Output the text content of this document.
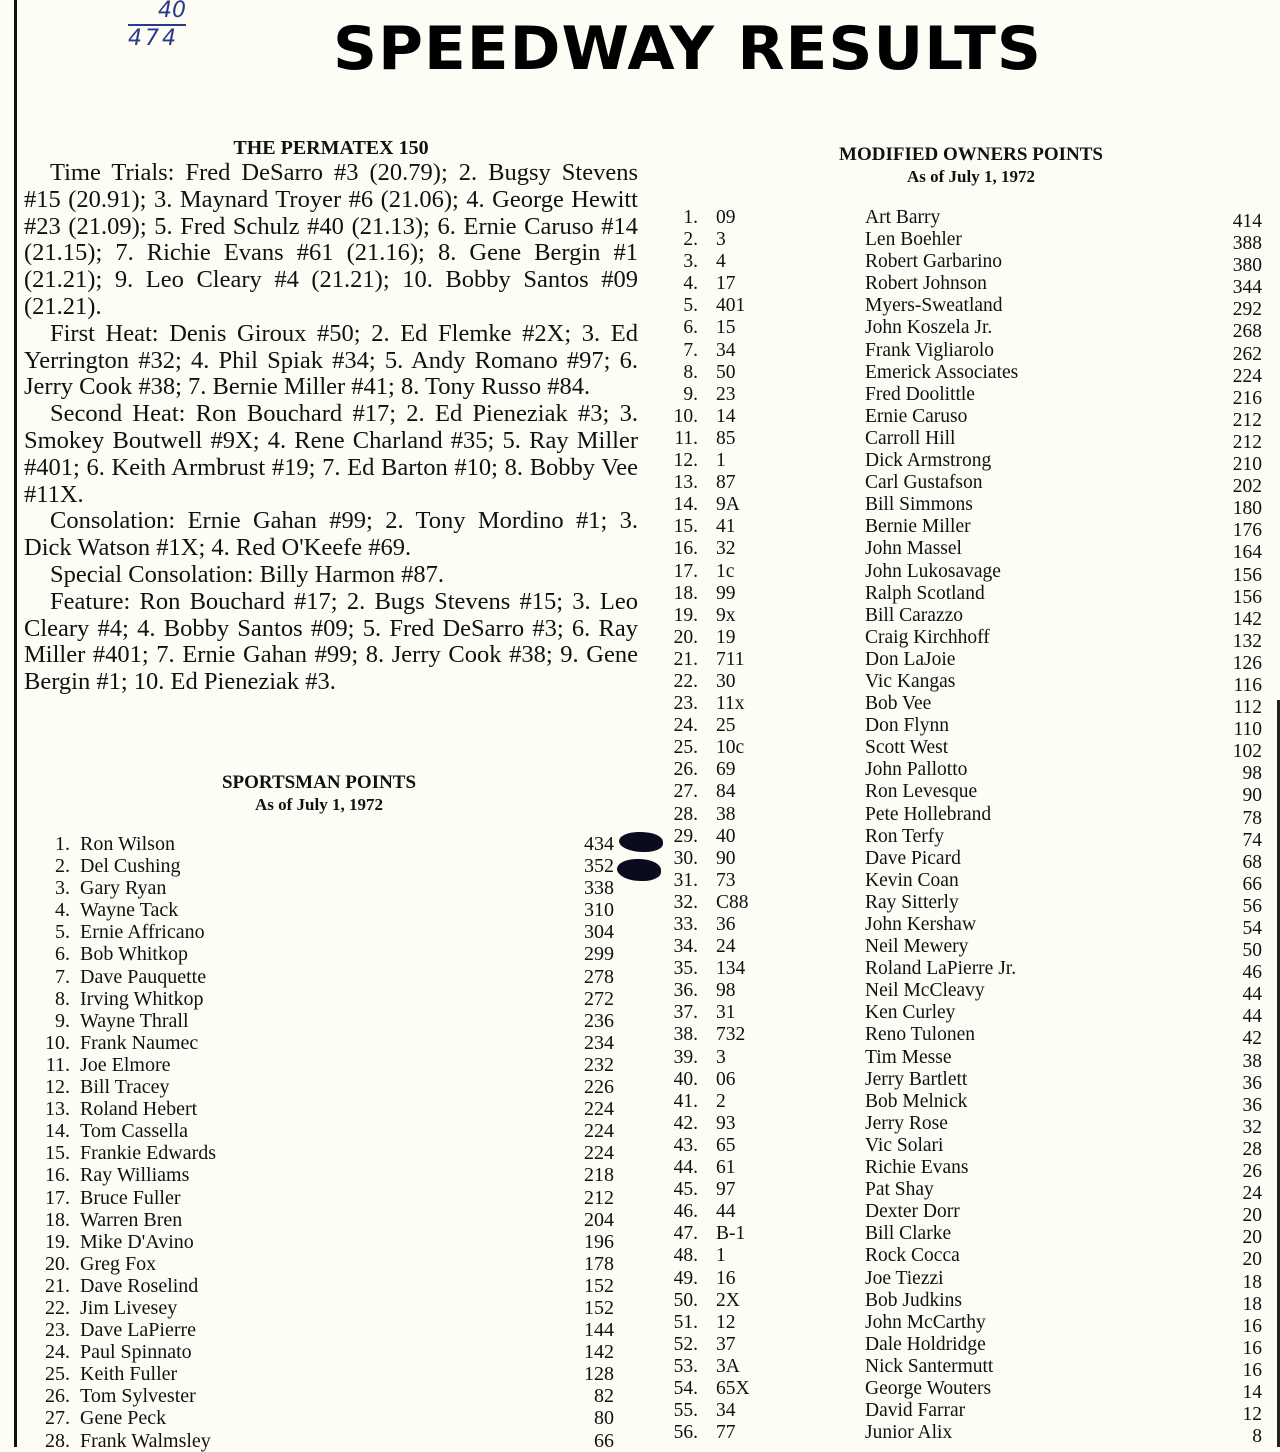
40
474	SPEEDWAY RESULTS
THE PERMATEX 150

Time Trials: Fred DeSarro #3 (20.79); 2. Bugsy Stevens #15 (20.91); 3. Maynard Troyer #6 (21.06); 4. George Hewitt #23 (21.09); 5. Fred Schulz #40 (21.13); 6. Ernie Caruso #14 (21.15); 7. Richie Evans #61 (21.16); 8. Gene Bergin #1 (21.21); 9. Leo Cleary #4 (21.21); 10. Bobby Santos #09 (21.21).

First Heat: Denis Giroux #50; 2. Ed Flemke #2X; 3. Ed Yerrington #32; 4. Phil Spiak #34; 5. Andy Romano #97; 6. Jerry Cook #38; 7. Bernie Miller #41; 8. Tony Russo #84.

Second Heat: Ron Bouchard #17; 2. Ed Pieneziak #3; 3. Smokey Boutwell #9X; 4. Rene Charland #35; 5. Ray Miller #401; 6. Keith Armbrust #19; 7. Ed Barton #10; 8. Bobby Vee #11X.

Consolation: Ernie Gahan #99; 2. Tony Mordino #1; 3. Dick Watson #1X; 4. Red O'Keefe #69.

Special Consolation: Billy Harmon #87.

Feature: Ron Bouchard #17; 2. Bugs Stevens #15; 3. Leo Cleary #4; 4. Bobby Santos #09; 5. Fred DeSarro #3; 6. Ray Miller #401; 7. Ernie Gahan #99; 8. Jerry Cook #38; 9. Gene Bergin #1; 10. Ed Pieneziak #3.

SPORTSMAN POINTS
As of July 1, 1972
1. Ron Wilson	434
2. Del Cushing	352
3. Gary Ryan	338
4. Wayne Tack	310
5. Ernie Affricano	304
6. Bob Whitkop	299
7. Dave Pauquette	278
8. Irving Whitkop	272
9. Wayne Thrall	236
10. Frank Naumec	234
11. Joe Elmore	232
12. Bill Tracey	226
13. Roland Hebert	224
14. Tom Cassella	224
15. Frankie Edwards	224
16. Ray Williams	218
17. Bruce Fuller	212
18. Warren Bren	204
19. Mike D'Avino	196
20. Greg Fox	178
21. Dave Roselind	152
22. Jim Livesey	152
23. Dave LaPierre	144
24. Paul Spinnato	142
25. Keith Fuller	128
26. Tom Sylvester	82
27. Gene Peck	80
28. Frank Walmsley	66
MODIFIED OWNERS POINTS
As of July 1, 1972
1. 09	Art Barry	414
2. 3	Len Boehler	388
3. 4	Robert Garbarino	380
4. 17	Robert Johnson	344
5. 401	Myers-Sweatland	292
6. 15	John Koszela Jr.	268
7. 34	Frank Vigliarolo	262
8. 50	Emerick Associates	224
9. 23	Fred Doolittle	216
10. 14	Ernie Caruso	212
11. 85	Carroll Hill	212
12. 1	Dick Armstrong	210
13. 87	Carl Gustafson	202
14. 9A	Bill Simmons	180
15. 41	Bernie Miller	176
16. 32	John Massel	164
17. 1c	John Lukosavage	156
18. 99	Ralph Scotland	156
19. 9x	Bill Carazzo	142
20. 19	Craig Kirchhoff	132
21. 711	Don LaJoie	126
22. 30	Vic Kangas	116
23. 11x	Bob Vee	112
24. 25	Don Flynn	110
25. 10c	Scott West	102
26. 69	John Pallotto	98
27. 84	Ron Levesque	90
28. 38	Pete Hollebrand	78
29. 40	Ron Terfy	74
30. 90	Dave Picard	68
31. 73	Kevin Coan	66
32. C88	Ray Sitterly	56
33. 36	John Kershaw	54
34. 24	Neil Mewery	50
35. 134	Roland LaPierre Jr.	46
36. 98	Neil McCleavy	44
37. 31	Ken Curley	44
38. 732	Reno Tulonen	42
39. 3	Tim Messe	38
40. 06	Jerry Bartlett	36
41. 2	Bob Melnick	36
42. 93	Jerry Rose	32
43. 65	Vic Solari	28
44. 61	Richie Evans	26
45. 97	Pat Shay	24
46. 44	Dexter Dorr	20
47. B-1	Bill Clarke	20
48. 1	Rock Cocca	20
49. 16	Joe Tiezzi	18
50. 2X	Bob Judkins	18
51. 12	John McCarthy	16
52. 37	Dale Holdridge	16
53. 3A	Nick Santermutt	16
54. 65X	George Wouters	14
55. 34	David Farrar	12
56. 77	Junior Alix	8
